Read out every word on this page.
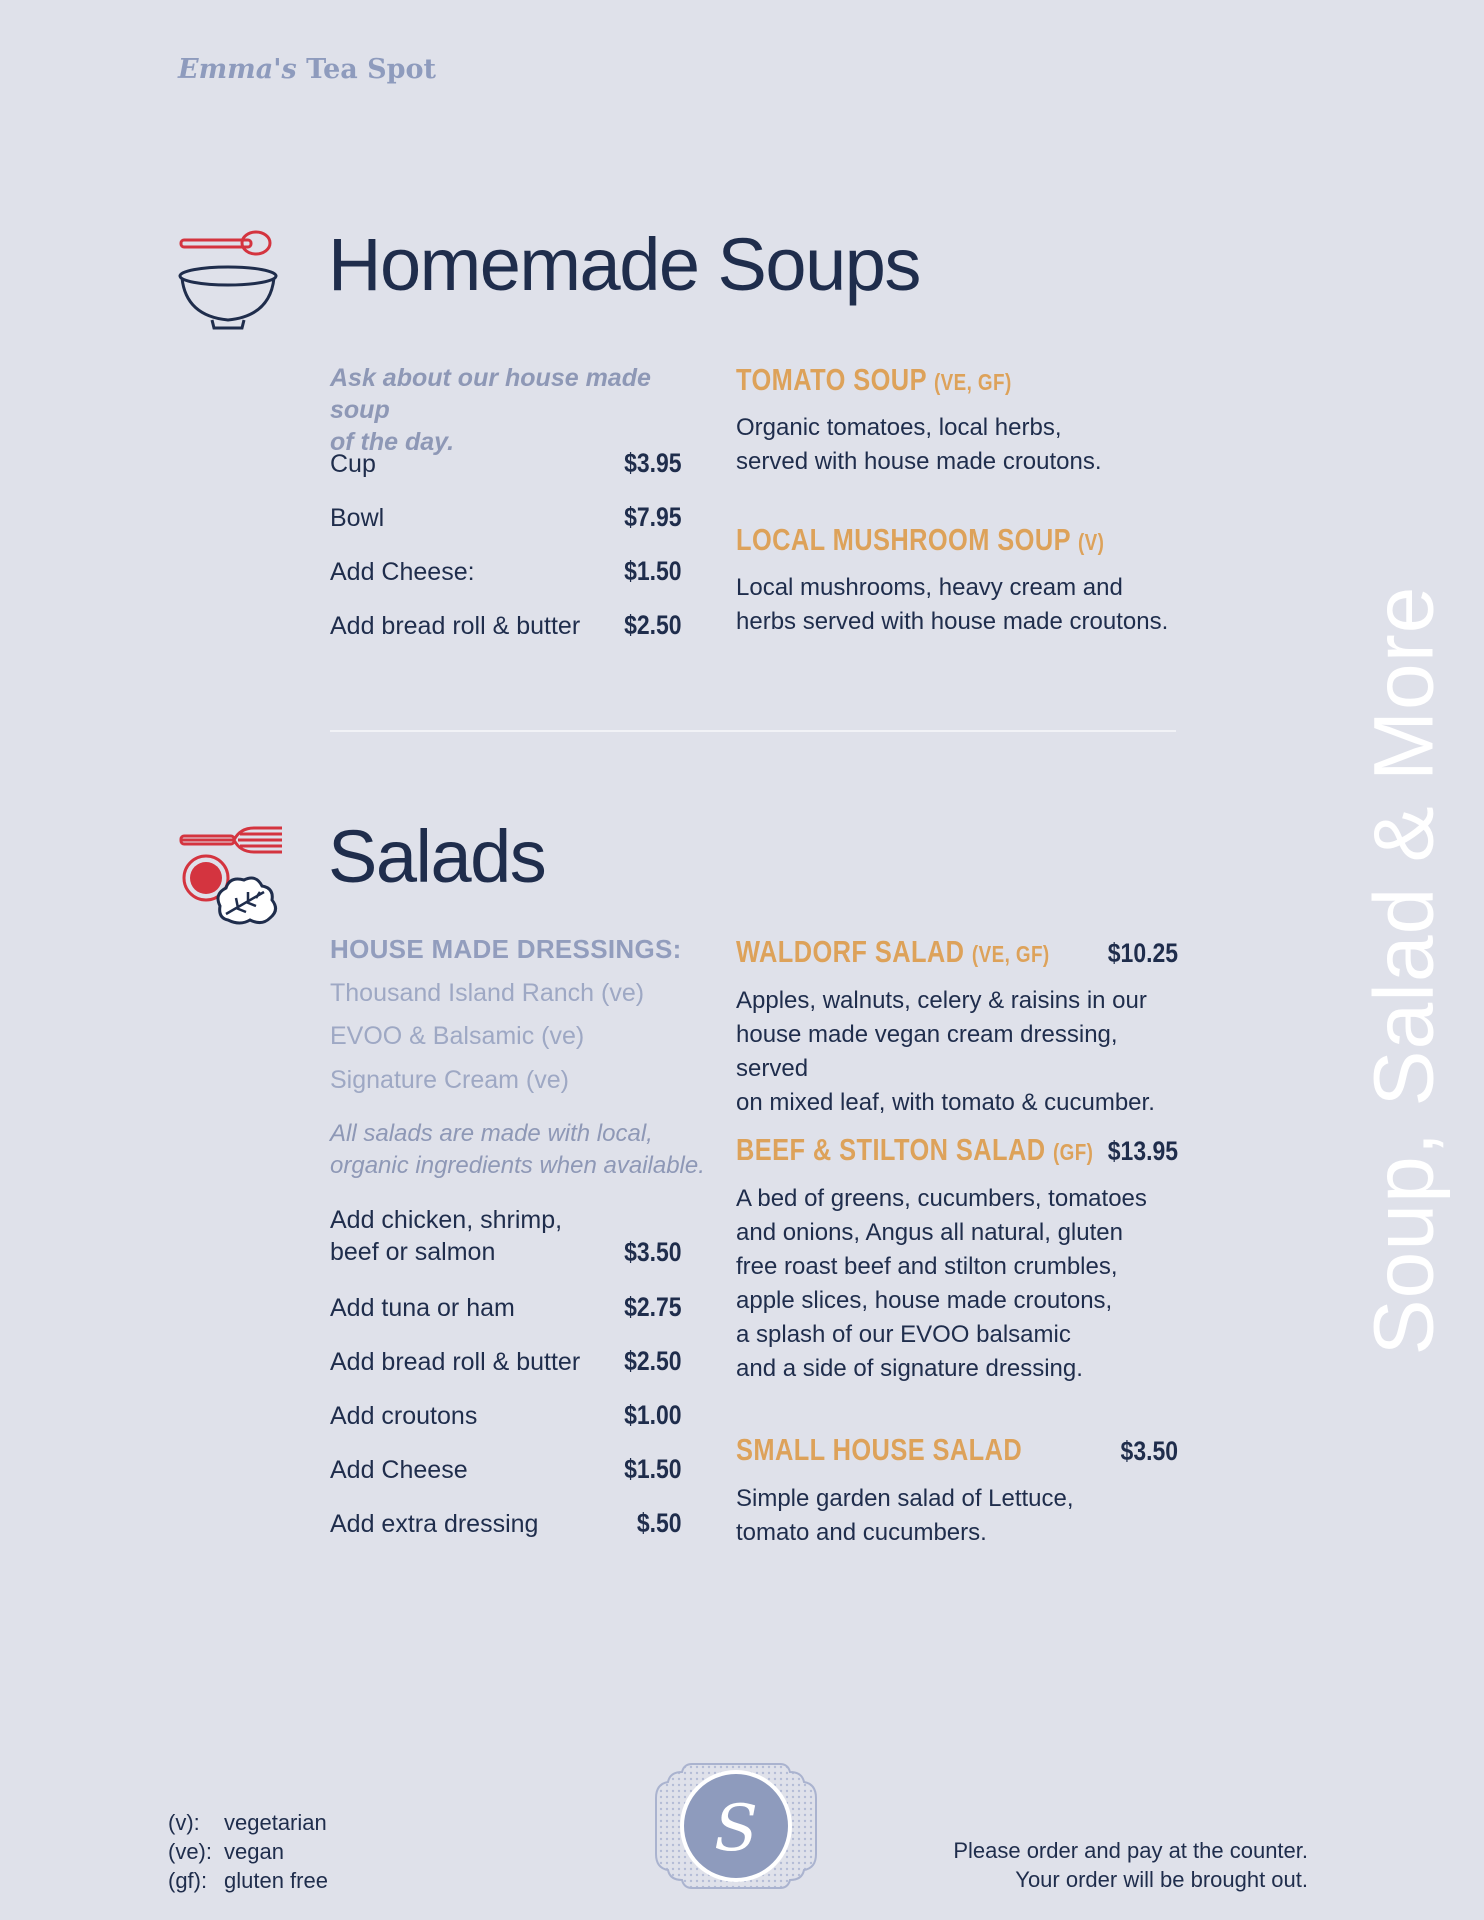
Emma's Tea Spot
Homemade Soups
Ask about our house made soup
of the day.
Cup	$3.95
Bowl	$7.95
Add Cheese:	$1.50
Add bread roll & butter $2.50
TOMATO SOUP (VE, GF)
Organic tomatoes, local herbs,
served with house made croutons.
LOCAL MUSHROOM SOUP (V)
Local mushrooms, heavy cream and
herbs served with house made croutons.
Salads
HOUSE MADE DRESSINGS:
Thousand Island Ranch (ve)
EVOO & Balsamic (ve)
Signature Cream (ve)
All salads are made with local,
organic ingredients when available.
Add chicken, shrimp,
beef or salmon	$3.50
Add tuna or ham	$2.75
Add bread roll & butter $2.50
Add croutons	$1.00
Add Cheese	$1.50
Add extra dressing	$.50
WALDORF SALAD (VE, GF)	$10.25
Apples, walnuts, celery & raisins in our
house made vegan cream dressing, served
on mixed leaf, with tomato & cucumber.
BEEF & STILTON SALAD (GF) $13.95
A bed of greens, cucumbers, tomatoes
and onions, Angus all natural, gluten
free roast beef and stilton crumbles,
apple slices, house made croutons,
a splash of our EVOO balsamic
and a side of signature dressing.
SMALL HOUSE SALAD	$3.50
Simple garden salad of Lettuce,
tomato and cucumbers.
Soup, Salad & More
(v):	vegetarian
(ve): vegan
(gf): gluten free
S	Please order and pay at the counter.
Your order will be brought out.
